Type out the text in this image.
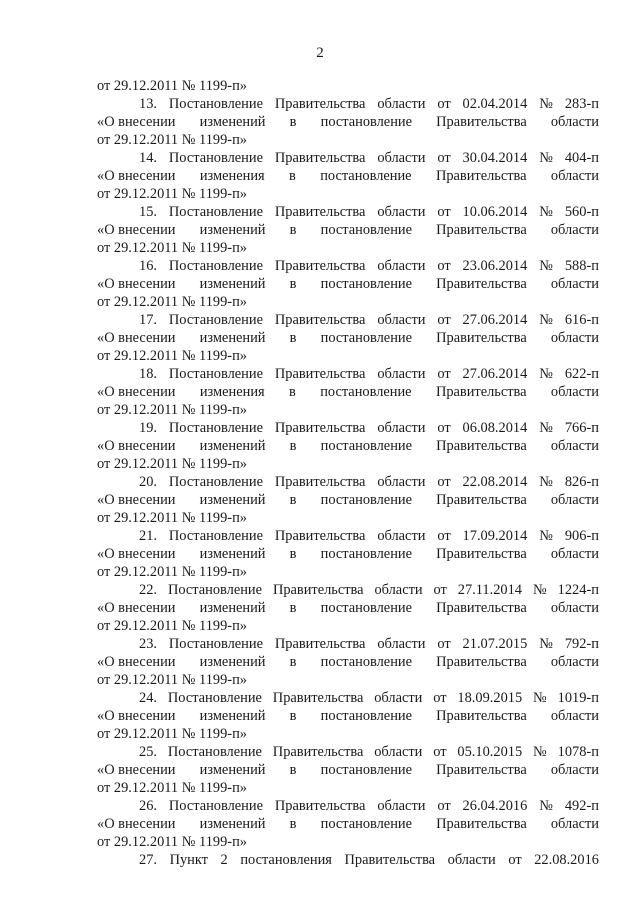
2
от 29.12.2011 № 1199-п»
13. Постановление Правительства области от 02.04.2014 № 283-п
«О внесении изменений в постановление Правительства области
от 29.12.2011 № 1199-п»
14. Постановление Правительства области от 30.04.2014 № 404-п
«О внесении изменения в постановление Правительства области
от 29.12.2011 № 1199-п»
15. Постановление Правительства области от 10.06.2014 № 560-п
«О внесении изменений в постановление Правительства области
от 29.12.2011 № 1199-п»
16. Постановление Правительства области от 23.06.2014 № 588-п
«О внесении изменений в постановление Правительства области
от 29.12.2011 № 1199-п»
17. Постановление Правительства области от 27.06.2014 № 616-п
«О внесении изменений в постановление Правительства области
от 29.12.2011 № 1199-п»
18. Постановление Правительства области от 27.06.2014 № 622-п
«О внесении изменения в постановление Правительства области
от 29.12.2011 № 1199-п»
19. Постановление Правительства области от 06.08.2014 № 766-п
«О внесении изменений в постановление Правительства области
от 29.12.2011 № 1199-п»
20. Постановление Правительства области от 22.08.2014 № 826-п
«О внесении изменений в постановление Правительства области
от 29.12.2011 № 1199-п»
21. Постановление Правительства области от 17.09.2014 № 906-п
«О внесении изменений в постановление Правительства области
от 29.12.2011 № 1199-п»
22. Постановление Правительства области от 27.11.2014 № 1224-п
«О внесении изменений в постановление Правительства области
от 29.12.2011 № 1199-п»
23. Постановление Правительства области от 21.07.2015 № 792-п
«О внесении изменений в постановление Правительства области
от 29.12.2011 № 1199-п»
24. Постановление Правительства области от 18.09.2015 № 1019-п
«О внесении изменений в постановление Правительства области
от 29.12.2011 № 1199-п»
25. Постановление Правительства области от 05.10.2015 № 1078-п
«О внесении изменений в постановление Правительства области
от 29.12.2011 № 1199-п»
26. Постановление Правительства области от 26.04.2016 № 492-п
«О внесении изменений в постановление Правительства области
от 29.12.2011 № 1199-п»
27. Пункт 2 постановления Правительства области от 22.08.2016
